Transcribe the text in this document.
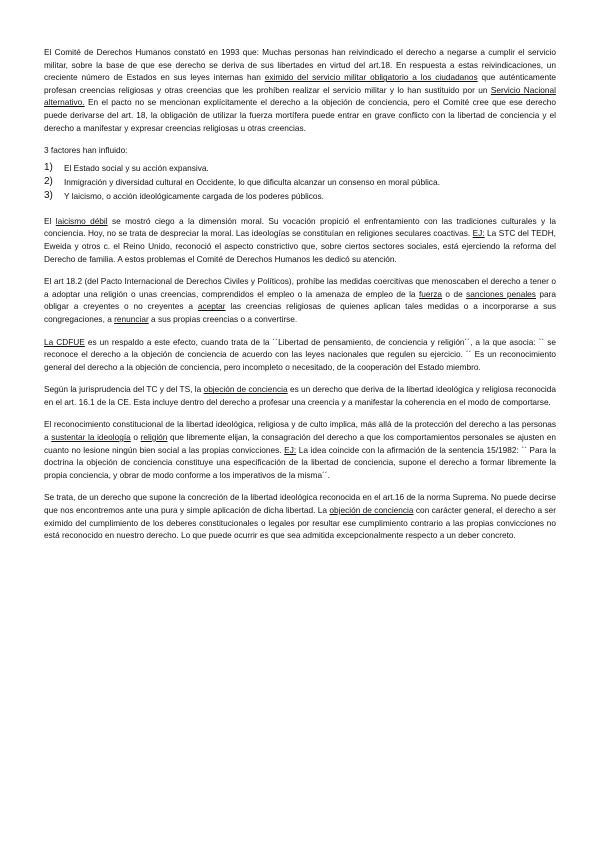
El Comité de Derechos Humanos constató en 1993 que: Muchas personas han reivindicado el derecho a negarse a cumplir el servicio militar, sobre la base de que ese derecho se deriva de sus libertades en virtud del art.18. En respuesta a estas reivindicaciones, un creciente número de Estados en sus leyes internas han eximido del servicio militar obligatorio a los ciudadanos que auténticamente profesan creencias religiosas y otras creencias que les prohíben realizar el servicio militar y lo han sustituido por un Servicio Nacional alternativo. En el pacto no se mencionan explícitamente el derecho a la objeción de conciencia, pero el Comité cree que ese derecho puede derivarse del art. 18, la obligación de utilizar la fuerza mortífera puede entrar en grave conflicto con la libertad de conciencia y el derecho a manifestar y expresar creencias religiosas u otras creencias.

3 factores han influido:

1)	El Estado social y su acción expansiva.
2)	Inmigración y diversidad cultural en Occidente, lo que dificulta alcanzar un consenso en moral pública.
3)	Y laicismo, o acción ideológicamente cargada de los poderes públicos.

El laicismo débil se mostró ciego a la dimensión moral. Su vocación propició el enfrentamiento con las tradiciones culturales y la conciencia. Hoy, no se trata de despreciar la moral. Las ideologías se constituían en religiones seculares coactivas. EJ: La STC del TEDH, Eweida y otros c. el Reino Unido, reconoció el aspecto constrictivo que, sobre ciertos sectores sociales, está ejerciendo la reforma del Derecho de familia. A estos problemas el Comité de Derechos Humanos les dedicó su atención.

El art 18.2 (del Pacto Internacional de Derechos Civiles y Políticos), prohíbe las medidas coercitivas que menoscaben el derecho a tener o a adoptar una religión o unas creencias, comprendidos el empleo o la amenaza de empleo de la fuerza o de sanciones penales para obligar a creyentes o no creyentes a aceptar las creencias religiosas de quienes aplican tales medidas o a incorporarse a sus congregaciones, a renunciar a sus propias creencias o a convertirse.

La CDFUE es un respaldo a este efecto, cuando trata de la ´´Libertad de pensamiento, de conciencia y religión´´, a la que asocia: `` se reconoce el derecho a la objeción de conciencia de acuerdo con las leyes nacionales que regulen su ejercicio. ´´ Es un reconocimiento general del derecho a la objeción de conciencia, pero incompleto o necesitado, de la cooperación del Estado miembro.

Según la jurisprudencia del TC y del TS, la objeción de conciencia es un derecho que deriva de la libertad ideológica y religiosa reconocida en el art. 16.1 de la CE. Esta incluye dentro del derecho a profesar una creencia y a manifestar la coherencia en el modo de comportarse.

El reconocimiento constitucional de la libertad ideológica, religiosa y de culto implica, más allá de la protección del derecho a las personas a sustentar la ideología o religión que libremente elijan, la consagración del derecho a que los comportamientos personales se ajusten en cuanto no lesione ningún bien social a las propias convicciones. EJ: La idea coincide con la afirmación de la sentencia 15/1982: `` Para la doctrina la objeción de conciencia constituye una especificación de la libertad de conciencia, supone el derecho a formar libremente la propia conciencia, y obrar de modo conforme a los imperativos de la misma´´.

Se trata, de un derecho que supone la concreción de la libertad ideológica reconocida en el art.16 de la norma Suprema. No puede decirse que nos encontremos ante una pura y simple aplicación de dicha libertad. La objeción de conciencia con carácter general, el derecho a ser eximido del cumplimiento de los deberes constitucionales o legales por resultar ese cumplimiento contrario a las propias convicciones no está reconocido en nuestro derecho. Lo que puede ocurrir es que sea admitida excepcionalmente respecto a un deber concreto.
